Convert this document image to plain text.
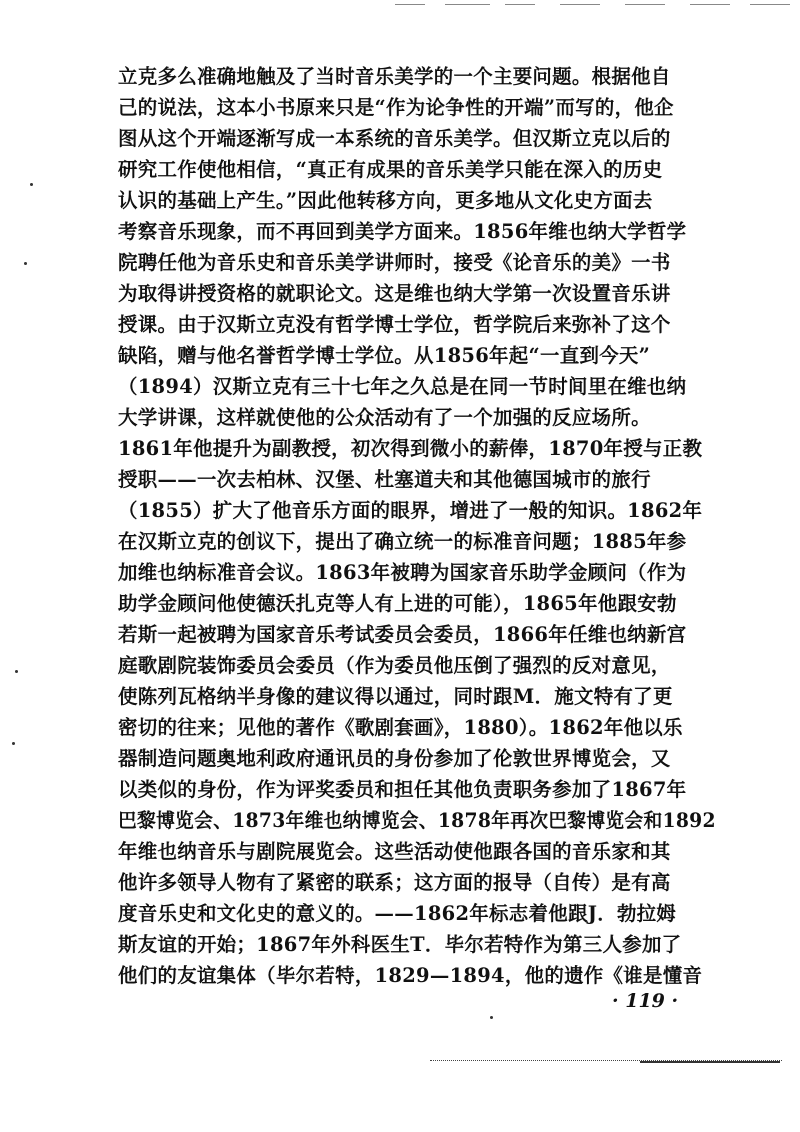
立克多么准确地触及了当时音乐美学的一个主要问题。根据他自
己的说法，这本小书原来只是“作为论争性的开端”而写的，他企
图从这个开端逐渐写成一本系统的音乐美学。但汉斯立克以后的
研究工作使他相信，“真正有成果的音乐美学只能在深入的历史
认识的基础上产生。”因此他转移方向，更多地从文化史方面去
考察音乐现象，而不再回到美学方面来。1856年维也纳大学哲学
院聘任他为音乐史和音乐美学讲师时，接受《论音乐的美》一书
为取得讲授资格的就职论文。这是维也纳大学第一次设置音乐讲
授课。由于汉斯立克没有哲学博士学位，哲学院后来弥补了这个
缺陷，赠与他名誉哲学博士学位。从1856年起“一直到今天”
（1894）汉斯立克有三十七年之久总是在同一节时间里在维也纳
大学讲课，这样就使他的公众活动有了一个加强的反应场所。
1861年他提升为副教授，初次得到微小的薪俸，1870年授与正教
授职——一次去柏林、汉堡、杜塞道夫和其他德国城市的旅行
（1855）扩大了他音乐方面的眼界，增进了一般的知识。1862年
在汉斯立克的创议下，提出了确立统一的标准音问题；1885年参
加维也纳标准音会议。1863年被聘为国家音乐助学金顾问（作为
助学金顾问他使德沃扎克等人有上进的可能），1865年他跟安勃
若斯一起被聘为国家音乐考试委员会委员，1866年任维也纳新宫
庭歌剧院装饰委员会委员（作为委员他压倒了强烈的反对意见，
使陈列瓦格纳半身像的建议得以通过，同时跟M．施文特有了更
密切的往来；见他的著作《歌剧套画》，1880）。1862年他以乐
器制造问题奥地利政府通讯员的身份参加了伦敦世界博览会，又
以类似的身份，作为评奖委员和担任其他负责职务参加了1867年
巴黎博览会、1873年维也纳博览会、1878年再次巴黎博览会和1892
年维也纳音乐与剧院展览会。这些活动使他跟各国的音乐家和其
他许多领导人物有了紧密的联系；这方面的报导（自传）是有高
度音乐史和文化史的意义的。——1862年标志着他跟J．勃拉姆
斯友谊的开始；1867年外科医生T．毕尔若特作为第三人参加了
他们的友谊集体（毕尔若特，1829—1894，他的遗作《谁是懂音
· 119 ·
